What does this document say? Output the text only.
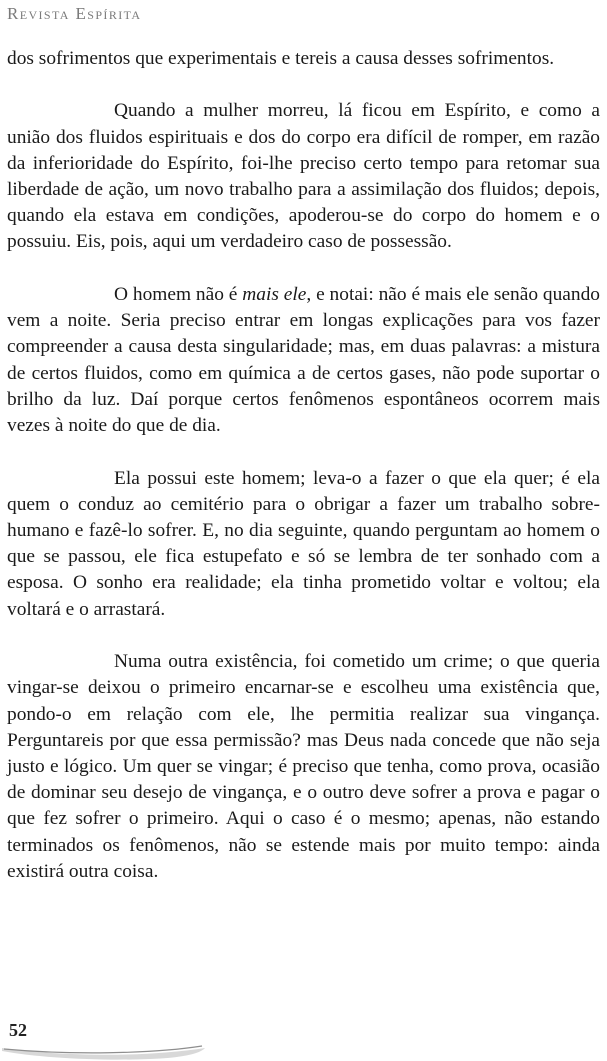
Revista Espírita

dos sofrimentos que experimentais e tereis a causa desses sofrimentos.

Quando a mulher morreu, lá ficou em Espírito, e como a união dos fluidos espirituais e dos do corpo era difícil de romper, em razão da inferioridade do Espírito, foi-lhe preciso certo tempo para retomar sua liberdade de ação, um novo trabalho para a assimilação dos fluidos; depois, quando ela estava em condições, apoderou-se do corpo do homem e o possuiu. Eis, pois, aqui um verdadeiro caso de possessão.

O homem não é mais ele, e notai: não é mais ele senão quando vem a noite. Seria preciso entrar em longas explicações para vos fazer compreender a causa desta singularidade; mas, em duas palavras: a mistura de certos fluidos, como em química a de certos gases, não pode suportar o brilho da luz. Daí porque certos fenômenos espontâneos ocorrem mais vezes à noite do que de dia.

Ela possui este homem; leva-o a fazer o que ela quer; é ela quem o conduz ao cemitério para o obrigar a fazer um trabalho sobre-humano e fazê-lo sofrer. E, no dia seguinte, quando perguntam ao homem o que se passou, ele fica estupefato e só se lembra de ter sonhado com a esposa. O sonho era realidade; ela tinha prometido voltar e voltou; ela voltará e o arrastará.

Numa outra existência, foi cometido um crime; o que queria vingar-se deixou o primeiro encarnar-se e escolheu uma existência que, pondo-o em relação com ele, lhe permitia realizar sua vingança. Perguntareis por que essa permissão? mas Deus nada concede que não seja justo e lógico. Um quer se vingar; é preciso que tenha, como prova, ocasião de dominar seu desejo de vingança, e o outro deve sofrer a prova e pagar o que fez sofrer o primeiro. Aqui o caso é o mesmo; apenas, não estando terminados os fenômenos, não se estende mais por muito tempo: ainda existirá outra coisa.

52
